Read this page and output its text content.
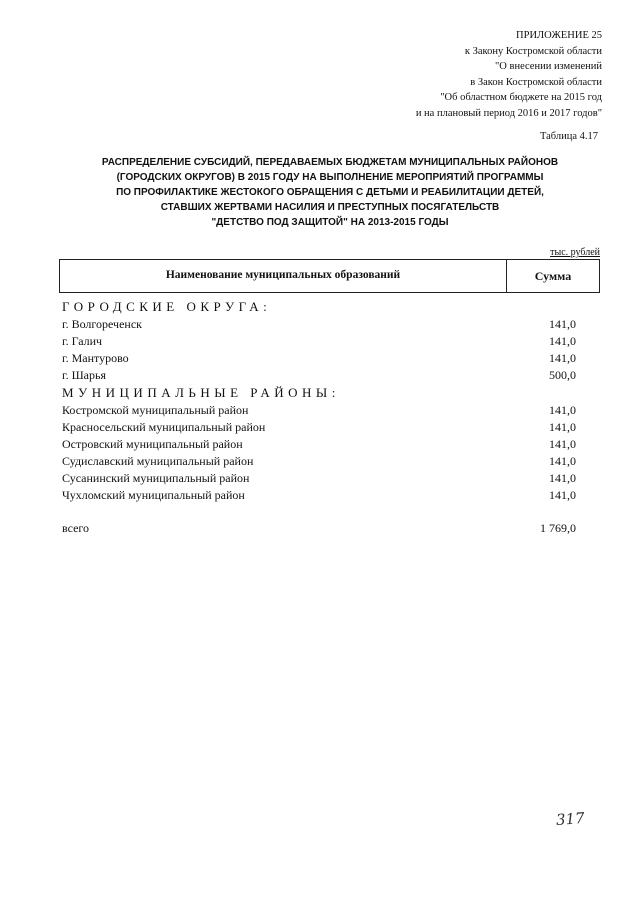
ПРИЛОЖЕНИЕ 25
к Закону Костромской области
"О внесении изменений
в Закон Костромской области
"Об областном бюджете на 2015 год
и на плановый период 2016 и 2017 годов"
Таблица 4.17
РАСПРЕДЕЛЕНИЕ СУБСИДИЙ, ПЕРЕДАВАЕМЫХ БЮДЖЕТАМ МУНИЦИПАЛЬНЫХ РАЙОНОВ
(ГОРОДСКИХ ОКРУГОВ) В 2015 ГОДУ НА ВЫПОЛНЕНИЕ МЕРОПРИЯТИЙ ПРОГРАММЫ
ПО ПРОФИЛАКТИКЕ ЖЕСТОКОГО ОБРАЩЕНИЯ С ДЕТЬМИ И РЕАБИЛИТАЦИИ ДЕТЕЙ,
СТАВШИХ ЖЕРТВАМИ НАСИЛИЯ И ПРЕСТУПНЫХ ПОСЯГАТЕЛЬСТВ
"ДЕТСТВО ПОД ЗАЩИТОЙ" НА 2013-2015 ГОДЫ
тыс. рублей
Наименование муниципальных образований	Сумма
ГОРОДСКИЕ ОКРУГА:
г. Волгореченск	141,0
г. Галич	141,0
г. Мантурово	141,0
г. Шарья	500,0
МУНИЦИПАЛЬНЫЕ РАЙОНЫ:
Костромской муниципальный район	141,0
Красносельский муниципальный район	141,0
Островский муниципальный район	141,0
Судиславский муниципальный район	141,0
Сусанинский муниципальный район	141,0
Чухломский муниципальный район	141,0
всего	1 769,0
317
